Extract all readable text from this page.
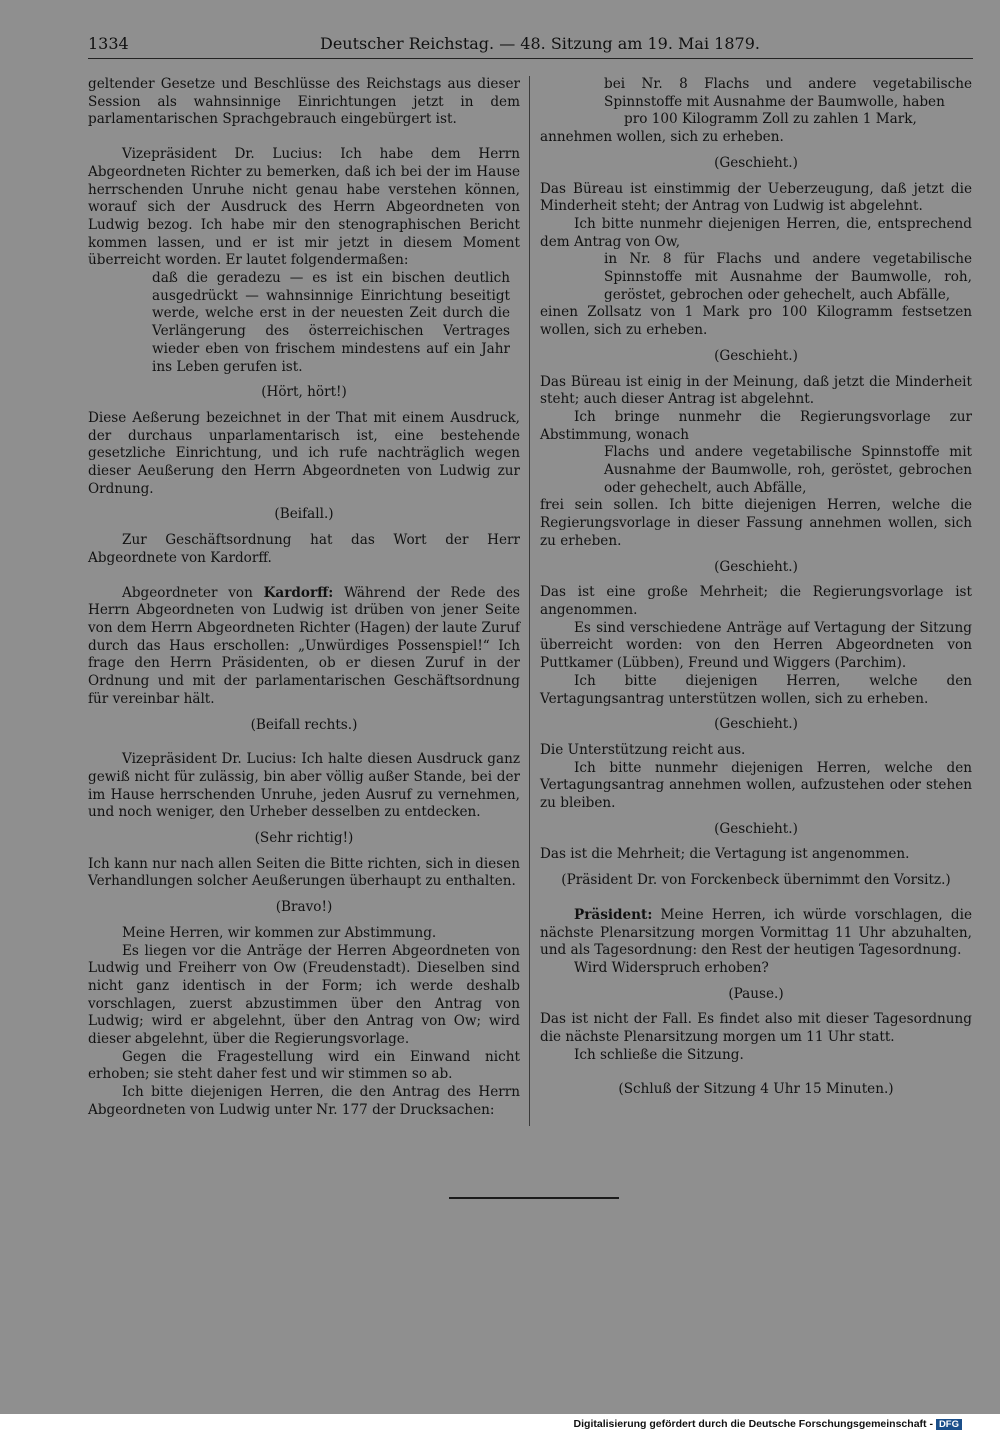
1334	Deutscher Reichstag. — 48. Sitzung am 19. Mai 1879.

geltender Gesetze und Beschlüsse des Reichstags aus dieser Session als wahnsinnige Einrichtungen jetzt in dem parlamentarischen Sprachgebrauch eingebürgert ist.

Vizepräsident Dr. Lucius: Ich habe dem Herrn Abgeordneten Richter zu bemerken, daß ich bei der im Hause herrschenden Unruhe nicht genau habe verstehen können, worauf sich der Ausdruck des Herrn Abgeordneten von Ludwig bezog. Ich habe mir den stenographischen Bericht kommen lassen, und er ist mir jetzt in diesem Moment überreicht worden. Er lautet folgendermaßen:

daß die geradezu — es ist ein bischen deutlich ausgedrückt — wahnsinnige Einrichtung beseitigt werde, welche erst in der neuesten Zeit durch die Verlängerung des österreichischen Vertrages wieder eben von frischem mindestens auf ein Jahr ins Leben gerufen ist.

(Hört, hört!)

Diese Aeßerung bezeichnet in der That mit einem Ausdruck, der durchaus unparlamentarisch ist, eine bestehende gesetzliche Einrichtung, und ich rufe nachträglich wegen dieser Aeußerung den Herrn Abgeordneten von Ludwig zur Ordnung.

(Beifall.)

Zur Geschäftsordnung hat das Wort der Herr Abgeordnete von Kardorff.

Abgeordneter von Kardorff: Während der Rede des Herrn Abgeordneten von Ludwig ist drüben von jener Seite von dem Herrn Abgeordneten Richter (Hagen) der laute Zuruf durch das Haus erschollen: „Unwürdiges Possenspiel!“ Ich frage den Herrn Präsidenten, ob er diesen Zuruf in der Ordnung und mit der parlamentarischen Geschäftsordnung für vereinbar hält.

(Beifall rechts.)

Vizepräsident Dr. Lucius: Ich halte diesen Ausdruck ganz gewiß nicht für zulässig, bin aber völlig außer Stande, bei der im Hause herrschenden Unruhe, jeden Ausruf zu vernehmen, und noch weniger, den Urheber desselben zu entdecken.

(Sehr richtig!)

Ich kann nur nach allen Seiten die Bitte richten, sich in diesen Verhandlungen solcher Aeußerungen überhaupt zu enthalten.

(Bravo!)

Meine Herren, wir kommen zur Abstimmung.

Es liegen vor die Anträge der Herren Abgeordneten von Ludwig und Freiherr von Ow (Freudenstadt). Dieselben sind nicht ganz identisch in der Form; ich werde deshalb vorschlagen, zuerst abzustimmen über den Antrag von Ludwig; wird er abgelehnt, über den Antrag von Ow; wird dieser abgelehnt, über die Regierungsvorlage.

Gegen die Fragestellung wird ein Einwand nicht erhoben; sie steht daher fest und wir stimmen so ab.

Ich bitte diejenigen Herren, die den Antrag des Herrn Abgeordneten von Ludwig unter Nr. 177 der Drucksachen:

bei Nr. 8 Flachs und andere vegetabilische Spinnstoffe mit Ausnahme der Baumwolle, haben

pro 100 Kilogramm Zoll zu zahlen 1 Mark,

annehmen wollen, sich zu erheben.

(Geschieht.)

Das Büreau ist einstimmig der Ueberzeugung, daß jetzt die Minderheit steht; der Antrag von Ludwig ist abgelehnt.

Ich bitte nunmehr diejenigen Herren, die, entsprechend dem Antrag von Ow,

in Nr. 8 für Flachs und andere vegetabilische Spinnstoffe mit Ausnahme der Baumwolle, roh, geröstet, gebrochen oder gehechelt, auch Abfälle,

einen Zollsatz von 1 Mark pro 100 Kilogramm festsetzen wollen, sich zu erheben.

(Geschieht.)

Das Büreau ist einig in der Meinung, daß jetzt die Minderheit steht; auch dieser Antrag ist abgelehnt.

Ich bringe nunmehr die Regierungsvorlage zur Abstimmung, wonach

Flachs und andere vegetabilische Spinnstoffe mit Ausnahme der Baumwolle, roh, geröstet, gebrochen oder gehechelt, auch Abfälle,

frei sein sollen. Ich bitte diejenigen Herren, welche die Regierungsvorlage in dieser Fassung annehmen wollen, sich zu erheben.

(Geschieht.)

Das ist eine große Mehrheit; die Regierungsvorlage ist angenommen.

Es sind verschiedene Anträge auf Vertagung der Sitzung überreicht worden: von den Herren Abgeordneten von Puttkamer (Lübben), Freund und Wiggers (Parchim).

Ich bitte diejenigen Herren, welche den Vertagungsantrag unterstützen wollen, sich zu erheben.

(Geschieht.)

Die Unterstützung reicht aus.

Ich bitte nunmehr diejenigen Herren, welche den Vertagungsantrag annehmen wollen, aufzustehen oder stehen zu bleiben.

(Geschieht.)

Das ist die Mehrheit; die Vertagung ist angenommen.

(Präsident Dr. von Forckenbeck übernimmt den Vorsitz.)

Präsident: Meine Herren, ich würde vorschlagen, die nächste Plenarsitzung morgen Vormittag 11 Uhr abzuhalten, und als Tagesordnung: den Rest der heutigen Tagesordnung.

Wird Widerspruch erhoben?

(Pause.)

Das ist nicht der Fall. Es findet also mit dieser Tagesordnung die nächste Plenarsitzung morgen um 11 Uhr statt.

Ich schließe die Sitzung.

(Schluß der Sitzung 4 Uhr 15 Minuten.)

Digitalisierung gefördert durch die Deutsche Forschungsgemeinschaft - DFG
